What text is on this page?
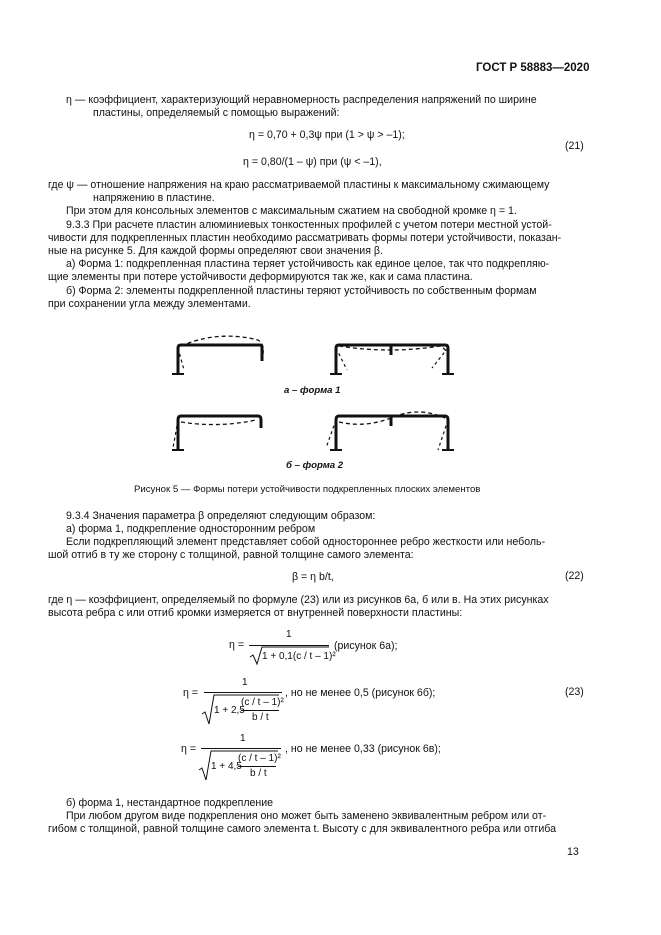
ГОСТ Р 58883—2020
η — коэффициент, характеризующий неравномерность распределения напряжений по ширине
пластины, определяемый с помощью выражений:
η = 0,70 + 0,3ψ при (1 > ψ > –1);
(21)
η = 0,80/(1 – ψ) при (ψ < –1),
где ψ — отношение напряжения на краю рассматриваемой пластины к максимальному сжимающему
напряжению в пластине.
При этом для консольных элементов с максимальным сжатием на свободной кромке η = 1.
9.3.3 При расчете пластин алюминиевых тонкостенных профилей с учетом потери местной устой-
чивости для подкрепленных пластин необходимо рассматривать формы потери устойчивости, показан-
ные на рисунке 5. Для каждой формы определяют свои значения β.
а) Форма 1: подкрепленная пластина теряет устойчивость как единое целое, так что подкрепляю-
щие элементы при потере устойчивости деформируются так же, как и сама пластина.
б) Форма 2: элементы подкрепленной пластины теряют устойчивость по собственным формам
при сохранении угла между элементами.
а – форма 1
б – форма 2
Рисунок 5 — Формы потери устойчивости подкрепленных плоских элементов
9.3.4 Значения параметра β определяют следующим образом:
а) форма 1, подкрепление односторонним ребром
Если подкрепляющий элемент представляет собой одностороннее ребро жесткости или неболь-
шой отгиб в ту же сторону с толщиной, равной толщине самого элемента:
β = η b/t,	(22)
где η — коэффициент, определяемый по формуле (23) или из рисунков 6а, б или в. На этих рисунках
высота ребра c или отгиб кромки измеряется от внутренней поверхности пластины:
η =
1
1 + 0,1(c / t – 1)²
(рисунок 6а);
η =
1
1 + 2,5
(c / t – 1)²
b / t
, но не менее 0,5 (рисунок 6б);	(23)
η =
1
1 + 4,5
(c / t – 1)²
b / t
, но не менее 0,33 (рисунок 6в);
б) форма 1, нестандартное подкрепление
При любом другом виде подкрепления оно может быть заменено эквивалентным ребром или от-
гибом с толщиной, равной толщине самого элемента t. Высоту c для эквивалентного ребра или отгиба
13
